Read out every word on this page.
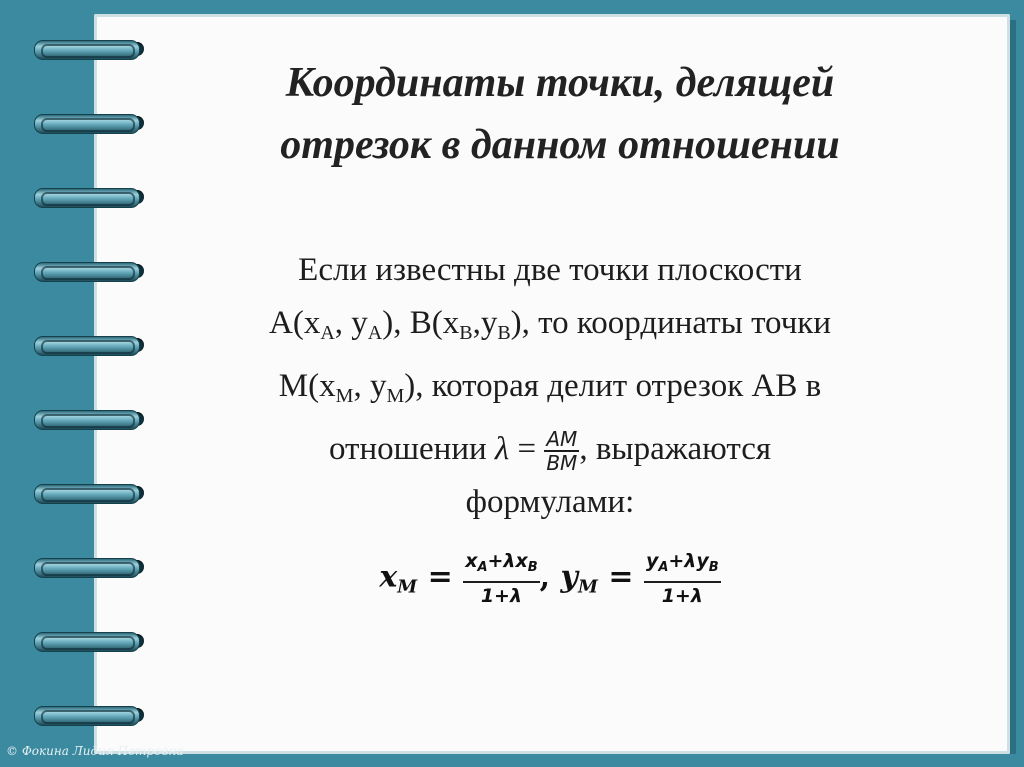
Координаты точки, делящей
отрезок в данном отношении
Если известны две точки плоскости
$A(x_A$, $y_A$), $B(x_B,y_B)$, то координаты точки
$M(x_M$, $y_M$), которая делит отрезок AB в
отношении $\lambda = \frac{AM}{BM}$ , выражаются
формулами:
$x_M = \frac{x_A+\lambda x_B}{1+\lambda}$ , $y_M = \frac{y_A+\lambda y_B}{1+\lambda}$
© Фокина Лидия Петровна
